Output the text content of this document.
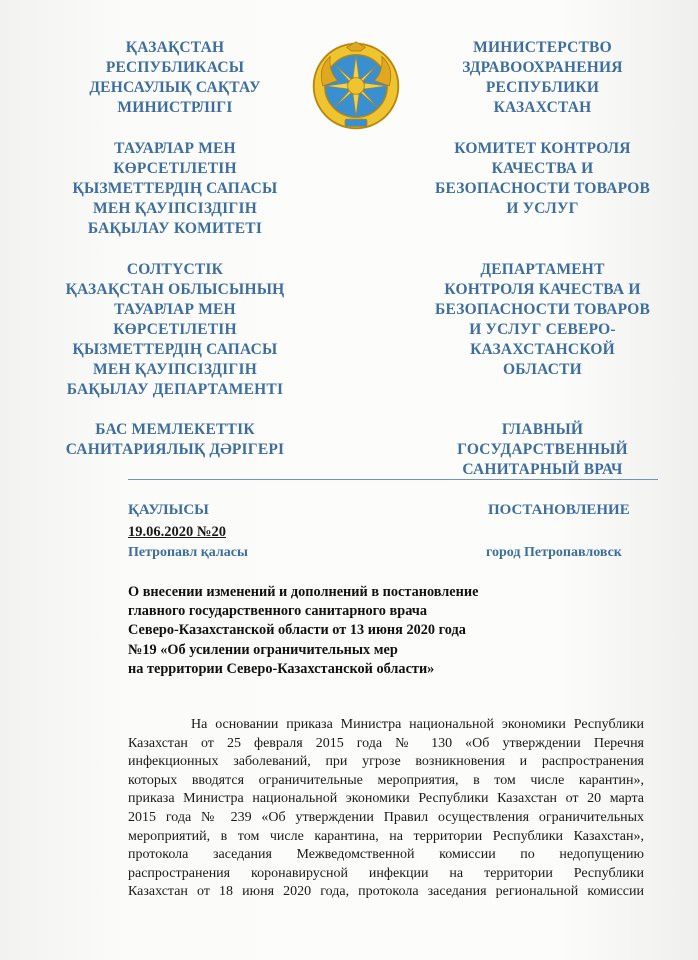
ҚАЗАҚСТАН
РЕСПУБЛИКАСЫ
ДЕНСАУЛЫҚ САҚТАУ
МИНИСТРЛІГІ
ТАУАРЛАР МЕН
КӨРСЕТІЛЕТІН
ҚЫЗМЕТТЕРДІҢ САПАСЫ
МЕН ҚАУІПСІЗДІГІН
БАҚЫЛАУ КОМИТЕТІ
СОЛТҮСТІК
ҚАЗАҚСТАН ОБЛЫСЫНЫҢ
ТАУАРЛАР МЕН
КӨРСЕТІЛЕТІН
ҚЫЗМЕТТЕРДІҢ САПАСЫ
МЕН ҚАУІПСІЗДІГІН
БАҚЫЛАУ ДЕПАРТАМЕНТІ
БАС МЕМЛЕКЕТТІК
САНИТАРИЯЛЫҚ ДӘРІГЕРІ
МИНИСТЕРСТВО
ЗДРАВООХРАНЕНИЯ
РЕСПУБЛИКИ
КАЗАХСТАН
КОМИТЕТ КОНТРОЛЯ
КАЧЕСТВА И
БЕЗОПАСНОСТИ ТОВАРОВ
И УСЛУГ
ДЕПАРТАМЕНТ
КОНТРОЛЯ КАЧЕСТВА И
БЕЗОПАСНОСТИ ТОВАРОВ
И УСЛУГ СЕВЕРО-
КАЗАХСТАНСКОЙ
ОБЛАСТИ
ГЛАВНЫЙ
ГОСУДАРСТВЕННЫЙ
САНИТАРНЫЙ ВРАЧ
ҚАУЛЫСЫ	ПОСТАНОВЛЕНИЕ
19.06.2020 №20
Петропавл қаласы	город Петропавловск
О внесении изменений и дополнений в постановление
главного государственного санитарного врача
Северо-Казахстанской области от 13 июня 2020 года
№19 «Об усилении ограничительных мер
на территории Северо-Казахстанской области»
На основании приказа Министра национальной экономики Республики
Казахстан от 25 февраля 2015 года № 130 «Об утверждении Перечня
инфекционных заболеваний, при угрозе возникновения и распространения
которых вводятся ограничительные мероприятия, в том числе карантин»,
приказа Министра национальной экономики Республики Казахстан от 20 марта
2015 года № 239 «Об утверждении Правил осуществления ограничительных
мероприятий, в том числе карантина, на территории Республики Казахстан»,
протокола заседания Межведомственной комиссии по недопущению
распространения коронавирусной инфекции на территории Республики
Казахстан от 18 июня 2020 года, протокола заседания региональной комиссии
